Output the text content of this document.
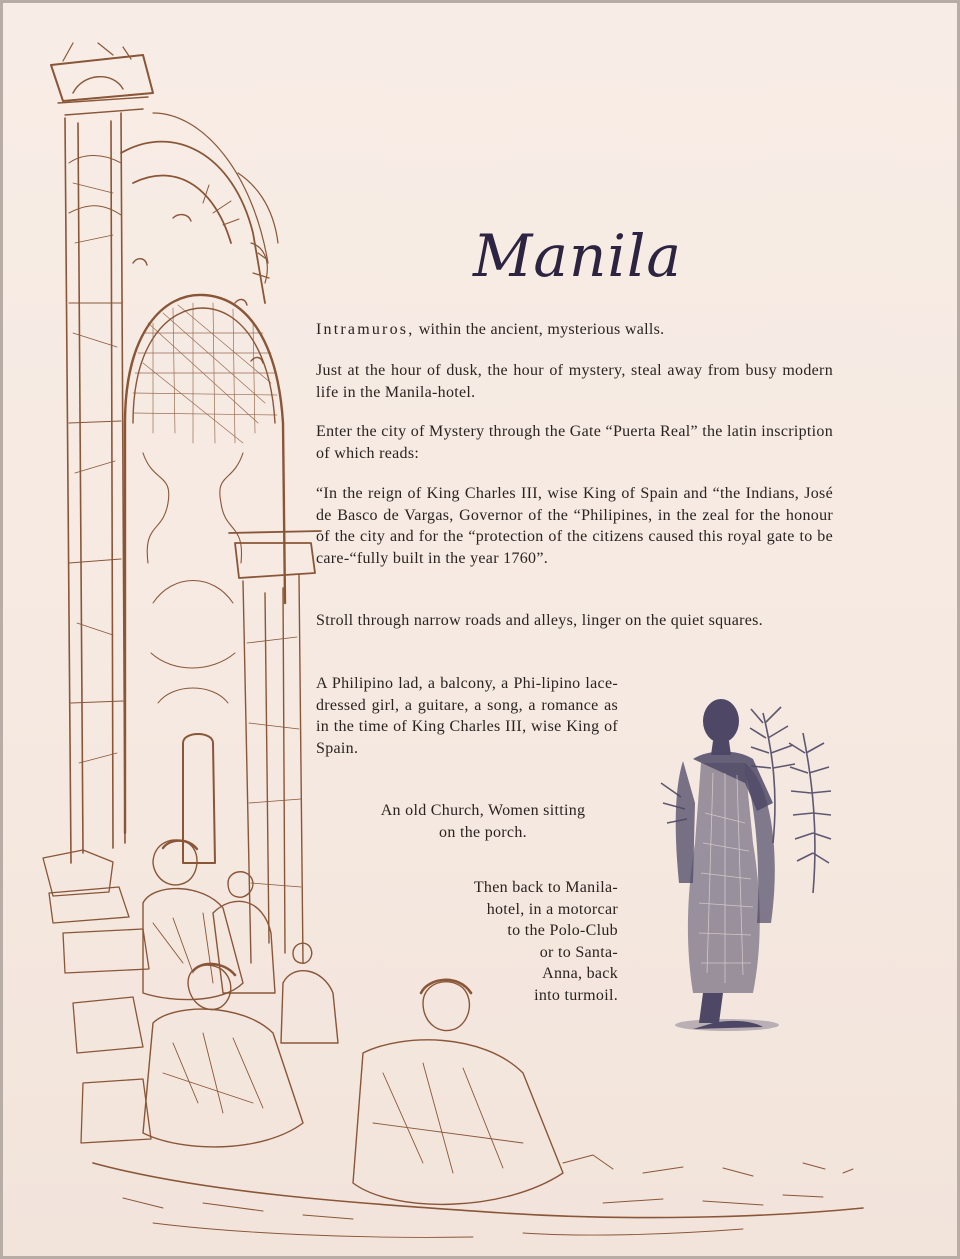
Manila

Intramuros, within the ancient, mysterious walls.

Just at the hour of dusk, the hour of mystery, steal away from busy modern life in the Manila-hotel.

Enter the city of Mystery through the Gate “Puerta Real” the latin inscription of which reads:

“In the reign of King Charles III, wise King of Spain and “the Indians, José de Basco de Vargas, Governor of the “Philipines, in the zeal for the honour of the city and for the “protection of the citizens caused this royal gate to be care-“fully built in the year 1760”.

Stroll through narrow roads and alleys, linger on the quiet squares.

A Philipino lad, a balcony, a Phi-lipino lace-dressed girl, a guitare, a song, a romance as in the time of King Charles III, wise King of Spain.

An old Church, Women sitting
on the porch.

Then back to Manila-
hotel, in a motorcar
to the Polo-Club
or to Santa-
Anna, back
into turmoil.
